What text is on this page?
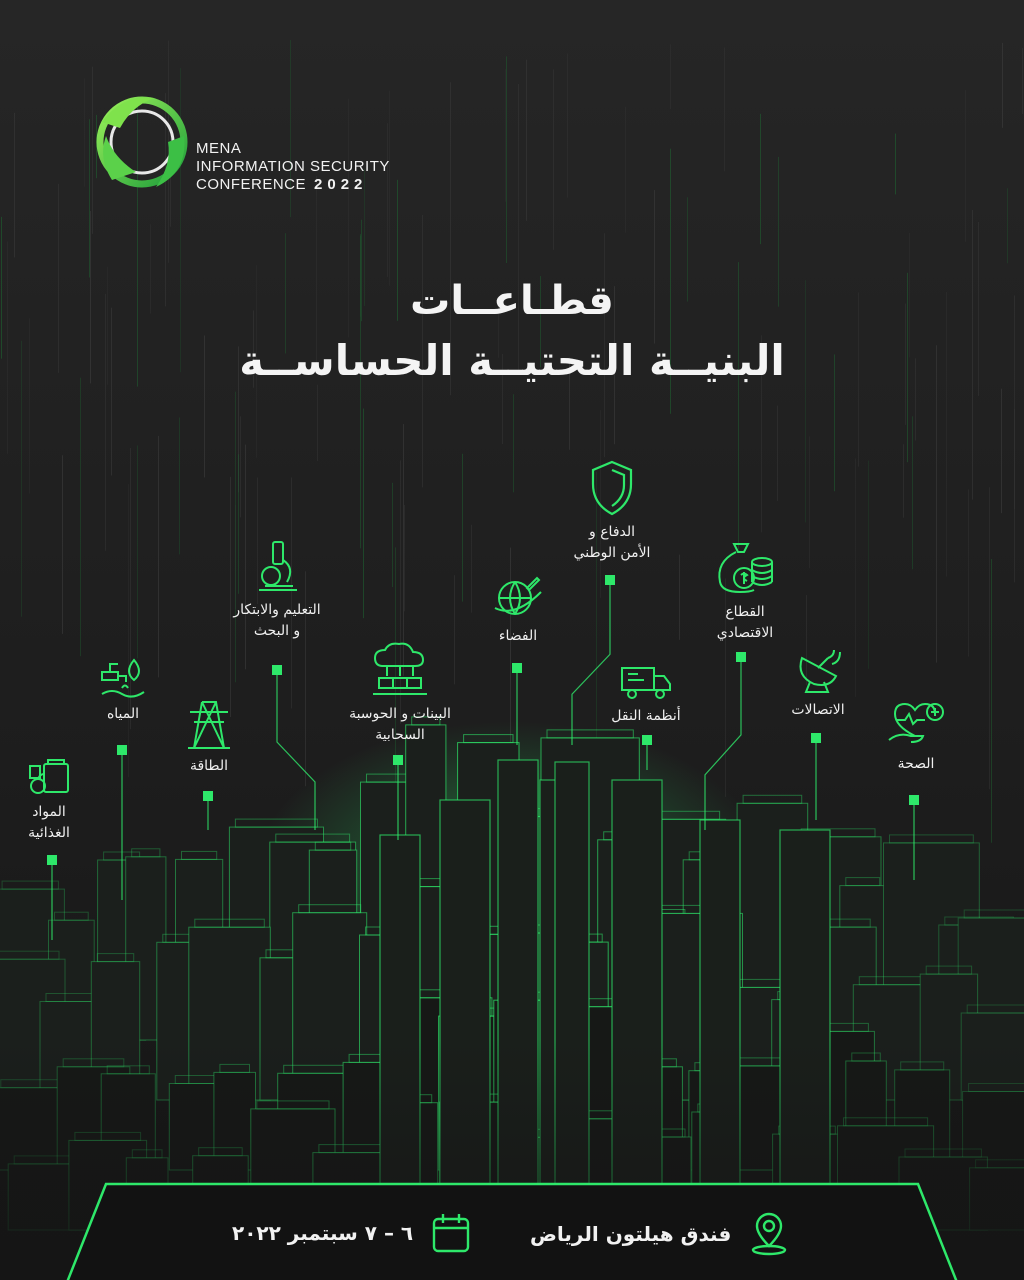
MENA
INFORMATION SECURITY
CONFERENCE 2022
قطـاعــات
البنيــة التحتيــة الحساســة
المواد
الغذائية
المياه
الطاقة
التعليم والابتكار
و البحث
البينات و الحوسبة
السحابية
الفضاء
الدفاع و
الأمن الوطني
أنظمة النقل
القطاع
الاقتصادي
الاتصالات
الصحة
فندق هيلتون الرياض
٦ – ٧ سبتمبر ٢٠٢٢
